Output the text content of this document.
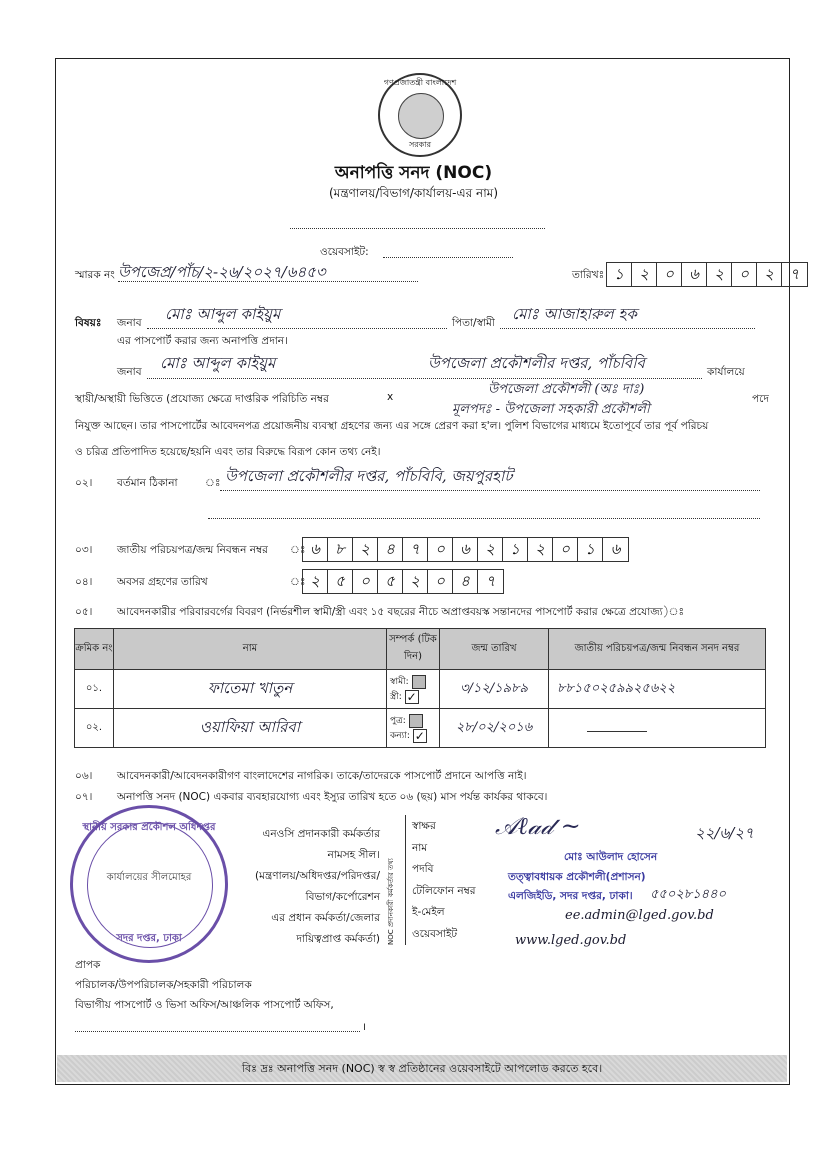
গণপ্রজাতন্ত্রী বাংলাদেশ
সরকার
অনাপত্তি সনদ (NOC)
(মন্ত্রণালয়/বিভাগ/কার্যালয়-এর নাম)
ওয়েবসাইট:
স্মারক নং উপজেপ্র/পাঁচ/২-২৬/২০২৭/৬৪৫৩	তারিখঃ ১	২	০	৬	২	০	২	৭
বিষয়ঃ জনাব মোঃ আব্দুল কাইয়ুম	পিতা/স্বামী মোঃ আজাহারুল হক
এর পাসপোর্ট করার জন্য অনাপত্তি প্রদান।
জনাব মোঃ আব্দুল কাইয়ুম	উপজেলা প্রকৌশলীর দপ্তর, পাঁচবিবি	কার্যালয়ে
স্থায়ী/অস্থায়ী ভিত্তিতে (প্রযোজ্য ক্ষেত্রে দাপ্তরিক পরিচিতি নম্বর	x	উপজেলা প্রকৌশলী (অঃ দাঃ)
পদে
মূলপদঃ - উপজেলা সহকারী প্রকৌশলী
নিযুক্ত আছেন। তার পাসপোর্টের আবেদনপত্র প্রয়োজনীয় ব্যবস্থা গ্রহণের জন্য এর সঙ্গে প্রেরণ করা হ'ল। পুলিশ বিভাগের মাধ্যমে ইতোপূর্বে তার পূর্ব পরিচয়
ও চরিত্র প্রতিপাদিত হয়েছে/হয়নি এবং তার বিরুদ্ধে বিরূপ কোন তথ্য নেই।
০২। বর্তমান ঠিকানা	ঃ উপজেলা প্রকৌশলীর দপ্তর, পাঁচবিবি, জয়পুরহাট
০৩। জাতীয় পরিচয়পত্র/জন্ম নিবন্ধন নম্বর ঃ ৬	৮	২	৪	৭	০	৬	২	১	২	০	১	৬
০৪। অবসর গ্রহণের তারিখ	ঃ ২	৫	০	৫	২	০	৪	৭
০৫। আবেদনকারীর পরিবারবর্গের বিবরণ (নির্ভরশীল স্বামী/স্ত্রী এবং ১৫ বছরের নীচে অপ্রাপ্তবয়স্ক সন্তানদের পাসপোর্ট করার ক্ষেত্রে প্রযোজ্য)ঃ
ক্রমিক নং	নাম	সম্পর্ক (টিক দিন)	জন্ম তারিখ	জাতীয় পরিচয়পত্র/জন্ম নিবন্ধন সনদ নম্বর
০১.	ফাতেমা খাতুন	স্বামী:
স্ত্রী: ✓	৩/১২/১৯৮৯	৮৮১৫০২৫৯৯২৫৬২২
০২.	ওয়াফিয়া আরিবা	পুত্র:
কন্যা: ✓	২৮/০২/২০১৬	
০৬। আবেদনকারী/আবেদনকারীগণ বাংলাদেশের নাগরিক। তাকে/তাদেরকে পাসপোর্ট প্রদানে আপত্তি নাই।
০৭। অনাপত্তি সনদ (NOC) একবার ব্যবহারযোগ্য এবং ইস্যুর তারিখ হতে ০৬ (ছয়) মাস পর্যন্ত কার্যকর থাকবে।
স্থানীয় সরকার প্রকৌশল অধিদপ্তর
কার্যালয়ের সীলমোহর
সদর দপ্তর, ঢাকা
এনওসি প্রদানকারী কর্মকর্তার
নামসহ সীল।
(মন্ত্রণালয়/অধিদপ্তর/পরিদপ্তর/
বিভাগ/কর্পোরেশন
এর প্রধান কর্মকর্তা/জেলার
দায়িত্বপ্রাপ্ত কর্মকর্তা) NOC প্রদানকারী কর্মকর্তার তথ্য
স্বাক্ষর
নাম
পদবি
টেলিফোন নম্বর
ই-মেইল
ওয়েবসাইট
𝒜ℓ𝒶𝒹 ~	২২/৬/২৭
মোঃ আউলাদ হোসেন
তত্ত্বাবধায়ক প্রকৌশলী(প্রশাসন)
এলজিইডি, সদর দপ্তর, ঢাকা। ৫৫০২৮১৪৪০
ee.admin@lged.gov.bd
www.lged.gov.bd
প্রাপক
পরিচালক/উপপরিচালক/সহকারী পরিচালক
বিভাগীয় পাসপোর্ট ও ভিসা অফিস/আঞ্চলিক পাসপোর্ট অফিস,
।
বিঃ দ্রঃ অনাপত্তি সনদ (NOC) স্ব স্ব প্রতিষ্ঠানের ওয়েবসাইটে আপলোড করতে হবে।
